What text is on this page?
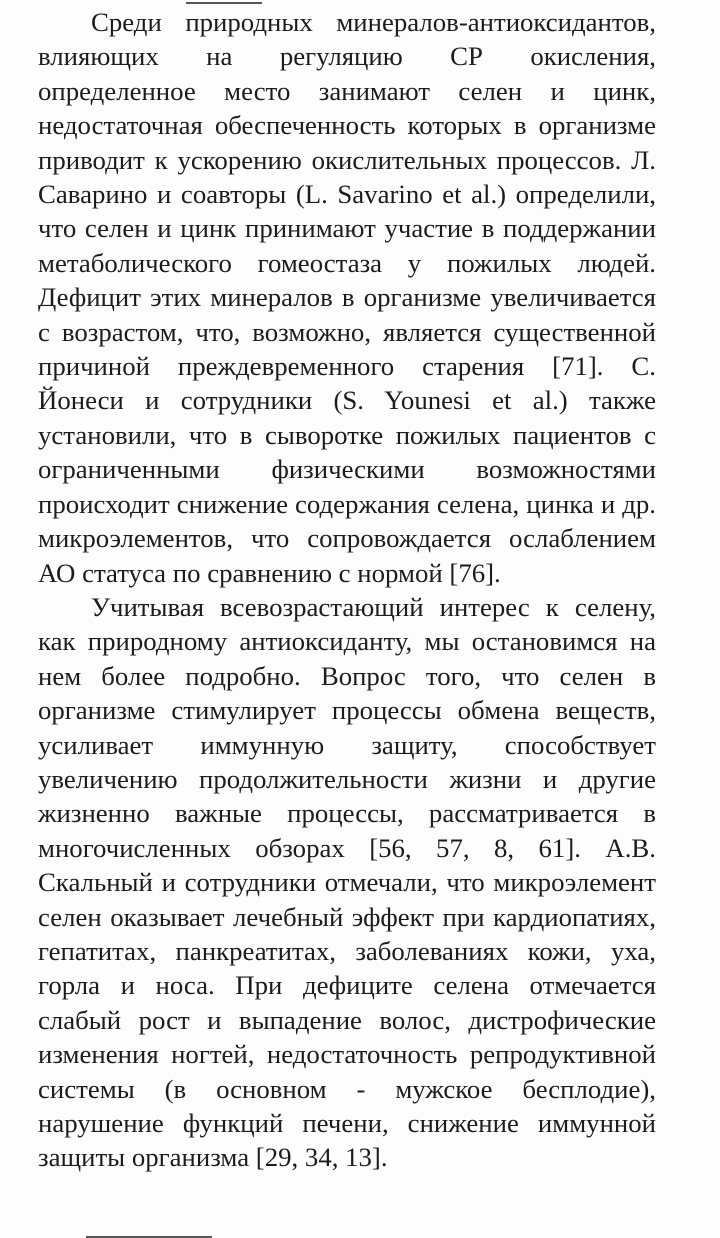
Среди природных минералов-антиоксидантов, влияющих на регуляцию СР окисления, определенное место занимают селен и цинк, недостаточная обеспеченность которых в организме приводит к ускорению окислительных процессов. Л. Саварино и соавторы (L. Savarino et al.) определили, что селен и цинк принимают участие в поддержании метаболического гомеостаза у пожилых людей. Дефицит этих минералов в организме увеличивается с возрастом, что, возможно, является существенной причиной преждевременного старения [71]. С. Йонеси и сотрудники (S. Younesi et al.) также установили, что в сыворотке пожилых пациентов с ограниченными физическими возможностями происходит снижение содержания селена, цинка и др. микроэлементов, что сопровождается ослаблением АО статуса по сравнению с нормой [76].

Учитывая всевозрастающий интерес к селену, как природному антиоксиданту, мы остановимся на нем более подробно. Вопрос того, что селен в организме стимулирует процессы обмена веществ, усиливает иммунную защиту, способствует увеличению продолжительности жизни и другие жизненно важные процессы, рассматривается в многочисленных обзорах [56, 57, 8, 61]. А.В. Скальный и сотрудники отмечали, что микроэлемент селен оказывает лечебный эффект при кардиопатиях, гепатитах, панкреатитах, заболеваниях кожи, уха, горла и носа. При дефиците селена отмечается слабый рост и выпадение волос, дистрофические изменения ногтей, недостаточность репродуктивной системы (в основном - мужское бесплодие), нарушение функций печени, снижение иммунной защиты организма [29, 34, 13].
